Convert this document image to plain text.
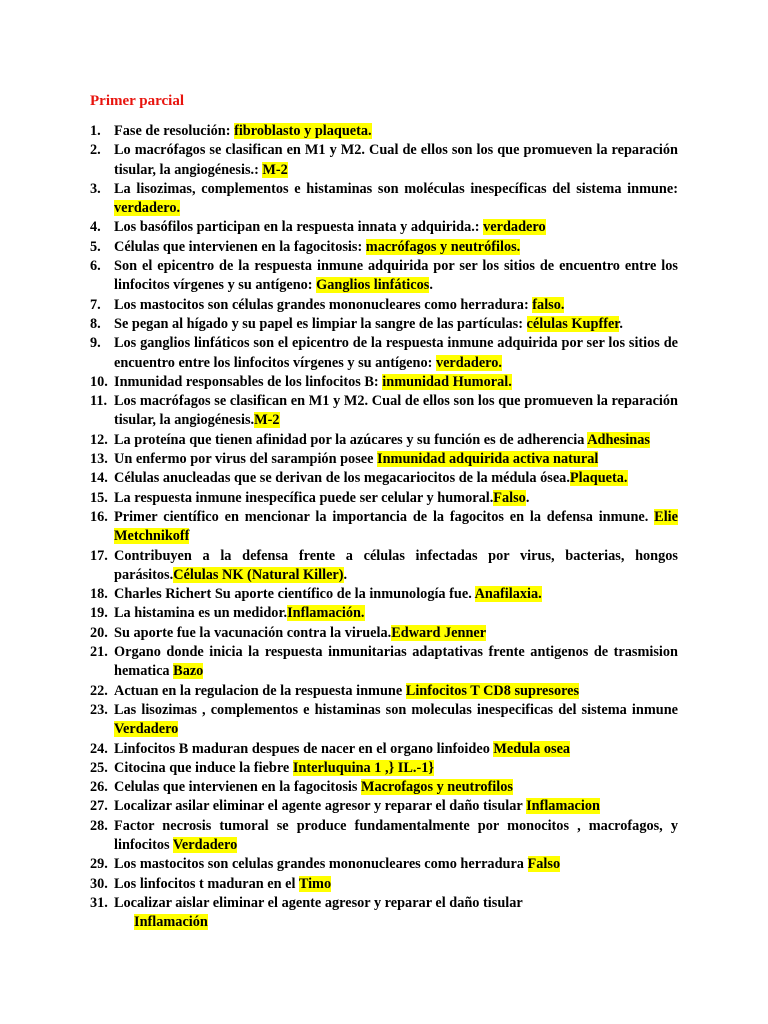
Primer parcial
1. Fase de resolución: fibroblasto y plaqueta.
2. Lo macrófagos se clasifican en M1 y M2. Cual de ellos son los que promueven la reparación tisular, la angiogénesis.: M-2
3. La lisozimas, complementos e histaminas son moléculas inespecíficas del sistema inmune: verdadero.
4. Los basófilos participan en la respuesta innata y adquirida.: verdadero
5. Células que intervienen en la fagocitosis: macrófagos y neutrófilos.
6. Son el epicentro de la respuesta inmune adquirida por ser los sitios de encuentro entre los linfocitos vírgenes y su antígeno: Ganglios linfáticos.
7. Los mastocitos son células grandes mononucleares como herradura: falso.
8. Se pegan al hígado y su papel es limpiar la sangre de las partículas: células Kupffer.
9. Los ganglios linfáticos son el epicentro de la respuesta inmune adquirida por ser los sitios de encuentro entre los linfocitos vírgenes y su antígeno: verdadero.
10. Inmunidad responsables de los linfocitos B: inmunidad Humoral.
11. Los macrófagos se clasifican en M1 y M2. Cual de ellos son los que promueven la reparación tisular, la angiogénesis.M-2
12. La proteína que tienen afinidad por la azúcares y su función es de adherencia Adhesinas
13. Un enfermo por virus del sarampión posee Inmunidad adquirida activa natural
14. Células anucleadas que se derivan de los megacariocitos de la médula ósea.Plaqueta.
15. La respuesta inmune inespecífica puede ser celular y humoral.Falso.
16. Primer científico en mencionar la importancia de la fagocitos en la defensa inmune. Elie Metchnikoff
17. Contribuyen a la defensa frente a células infectadas por virus, bacterias, hongos parásitos.Células NK (Natural Killer).
18. Charles Richert Su aporte científico de la inmunología fue. Anafilaxia.
19. La histamina es un medidor.Inflamación.
20. Su aporte fue la vacunación contra la viruela.Edward Jenner
21. Organo donde inicia la respuesta inmunitarias adaptativas frente antigenos de trasmision hematica Bazo
22. Actuan en la regulacion de la respuesta inmune Linfocitos T CD8 supresores
23. Las lisozimas , complementos e histaminas son moleculas inespecificas del sistema inmune Verdadero
24. Linfocitos B maduran despues de nacer en el organo linfoideo Medula osea
25. Citocina que induce la fiebre Interluquina 1 ,} IL.-1}
26. Celulas que intervienen en la fagocitosis Macrofagos y neutrofilos
27. Localizar asilar eliminar el agente agresor y reparar el daño tisular Inflamacion
28. Factor necrosis tumoral se produce fundamentalmente por monocitos , macrofagos, y linfocitos Verdadero
29. Los mastocitos son celulas grandes mononucleares como herradura Falso
30. Los linfocitos t maduran en el Timo
31. Localizar aislar eliminar el agente agresor y reparar el daño tisular
Inflamación
